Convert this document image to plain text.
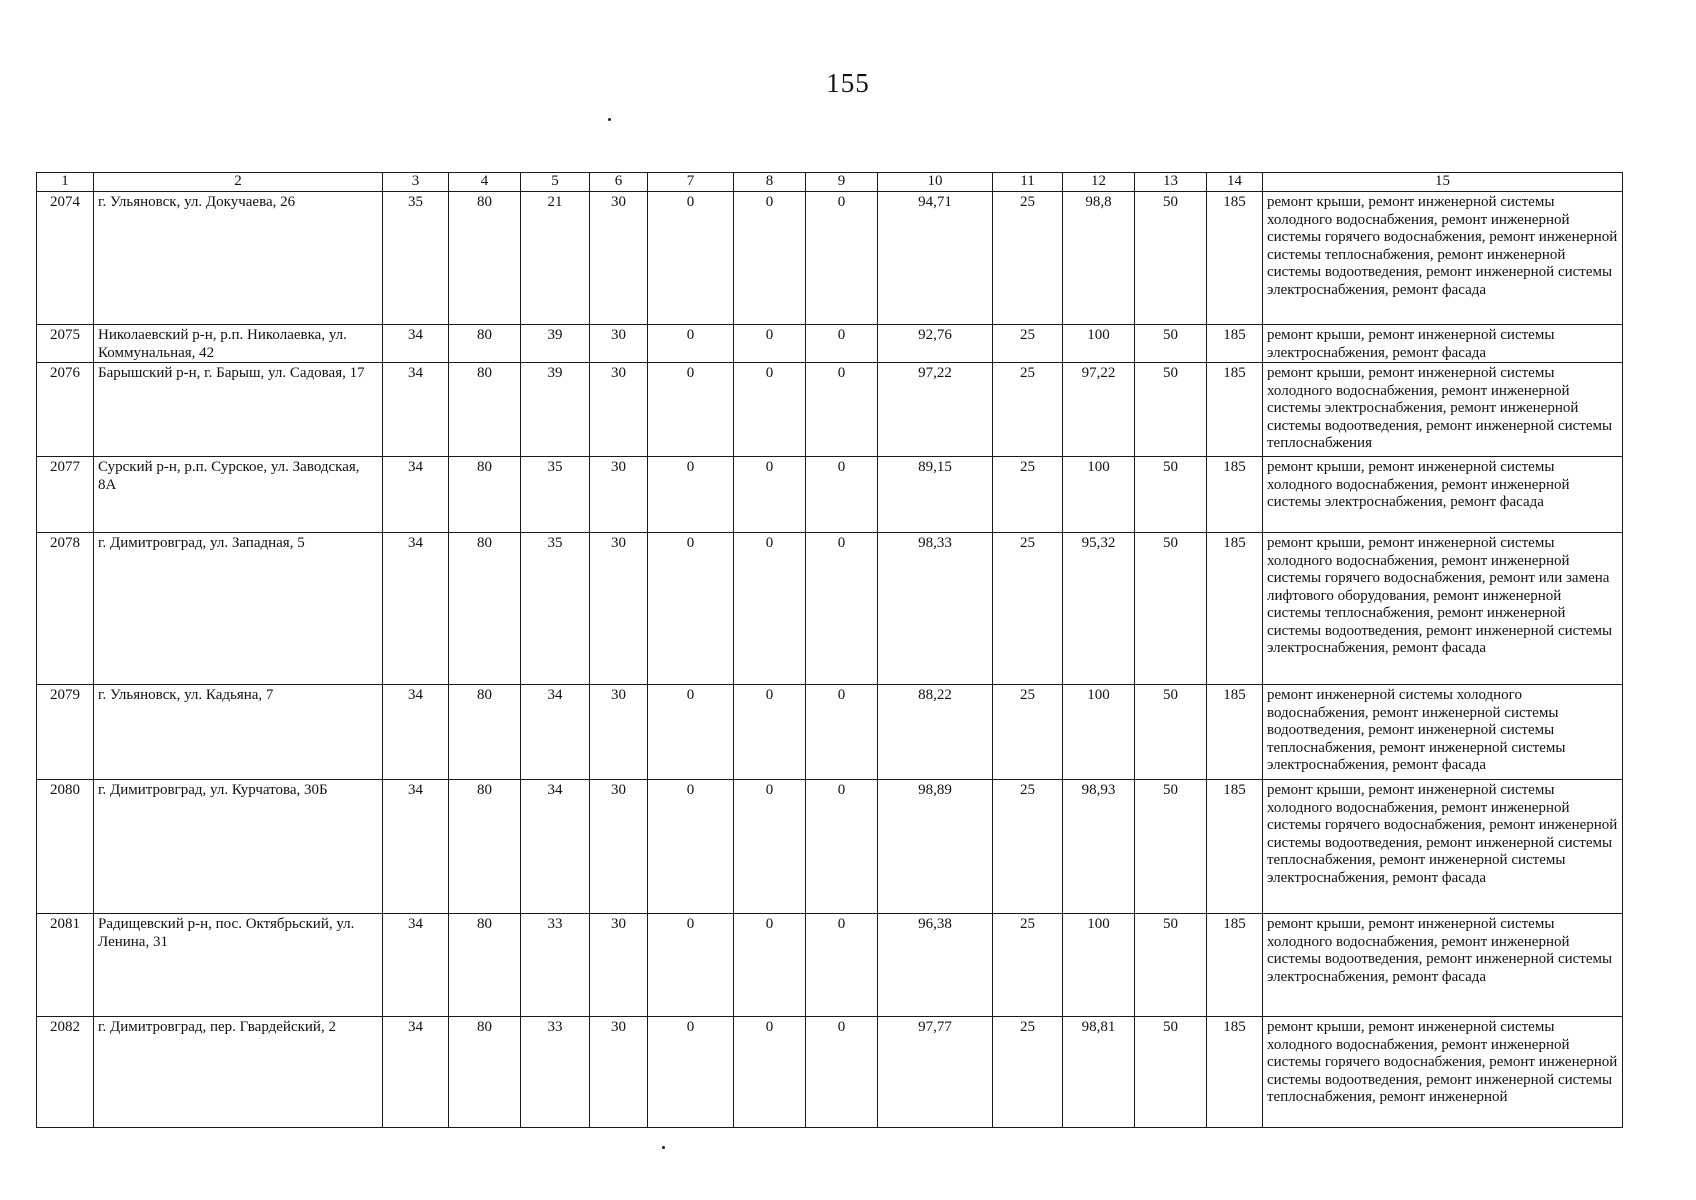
155
1	2	3	4	5	6	7	8	9	10	11	12	13	14	15
2074	г. Ульяновск, ул. Докучаева, 26	35	80	21	30	0	0	0	94,71	25	98,8	50	185	ремонт крыши, ремонт инженерной системы холодного водоснабжения, ремонт инженерной системы горячего водоснабжения, ремонт инженерной системы теплоснабжения, ремонт инженерной системы водоотведения, ремонт инженерной системы электроснабжения, ремонт фасада
2075	Николаевский р-н, р.п. Николаевка, ул. Коммунальная, 42	34	80	39	30	0	0	0	92,76	25	100	50	185	ремонт крыши, ремонт инженерной системы электроснабжения, ремонт фасада
2076	Барышский р-н, г. Барыш, ул. Садовая, 17	34	80	39	30	0	0	0	97,22	25	97,22	50	185	ремонт крыши, ремонт инженерной системы холодного водоснабжения, ремонт инженерной системы электроснабжения, ремонт инженерной системы водоотведения, ремонт инженерной системы теплоснабжения
2077	Сурский р-н, р.п. Сурское, ул. Заводская, 8А	34	80	35	30	0	0	0	89,15	25	100	50	185	ремонт крыши, ремонт инженерной системы холодного водоснабжения, ремонт инженерной системы электроснабжения, ремонт фасада
2078	г. Димитровград, ул. Западная, 5	34	80	35	30	0	0	0	98,33	25	95,32	50	185	ремонт крыши, ремонт инженерной системы холодного водоснабжения, ремонт инженерной системы горячего водоснабжения, ремонт или замена лифтового оборудования, ремонт инженерной системы теплоснабжения, ремонт инженерной системы водоотведения, ремонт инженерной системы электроснабжения, ремонт фасада
2079	г. Ульяновск, ул. Кадьяна, 7	34	80	34	30	0	0	0	88,22	25	100	50	185	ремонт инженерной системы холодного водоснабжения, ремонт инженерной системы водоотведения, ремонт инженерной системы теплоснабжения, ремонт инженерной системы электроснабжения, ремонт фасада
2080	г. Димитровград, ул. Курчатова, 30Б	34	80	34	30	0	0	0	98,89	25	98,93	50	185	ремонт крыши, ремонт инженерной системы холодного водоснабжения, ремонт инженерной системы горячего водоснабжения, ремонт инженерной системы водоотведения, ремонт инженерной системы теплоснабжения, ремонт инженерной системы электроснабжения, ремонт фасада
2081	Радищевский р-н, пос. Октябрьский, ул. Ленина, 31	34	80	33	30	0	0	0	96,38	25	100	50	185	ремонт крыши, ремонт инженерной системы холодного водоснабжения, ремонт инженерной системы водоотведения, ремонт инженерной системы электроснабжения, ремонт фасада
2082	г. Димитровград, пер. Гвардейский, 2	34	80	33	30	0	0	0	97,77	25	98,81	50	185	ремонт крыши, ремонт инженерной системы холодного водоснабжения, ремонт инженерной системы горячего водоснабжения, ремонт инженерной системы водоотведения, ремонт инженерной системы теплоснабжения, ремонт инженерной
